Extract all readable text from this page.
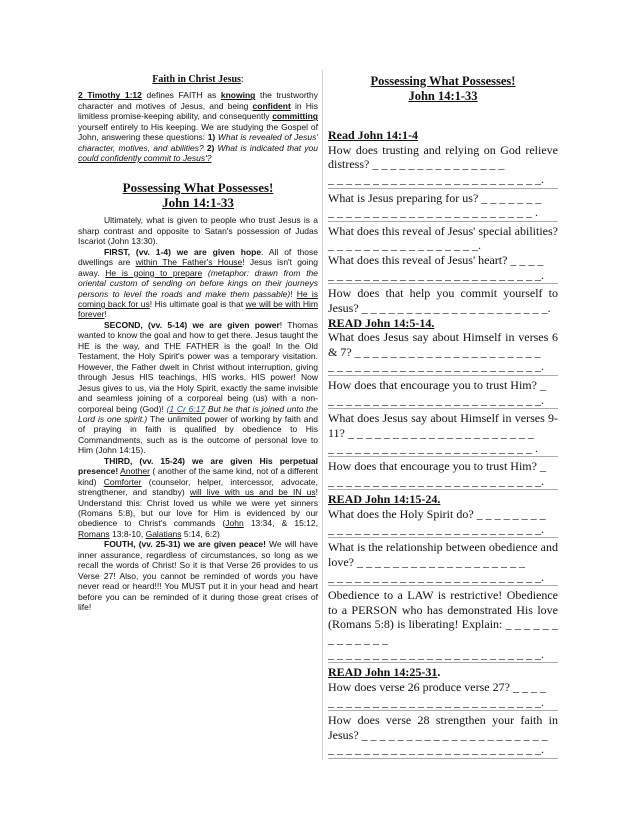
Faith in Christ Jesus:

2 Timothy 1:12 defines FAITH as knowing the trustworthy character and motives of Jesus, and being confident in His limitless promise-keeping ability, and consequently committing yourself entirely to His keeping. We are studying the Gospel of John, answering these questions: 1) What is revealed of Jesus' character, motives, and abilities? 2) What is indicated that you could confidently commit to Jesus'?

Possessing What Possesses!
John 14:1-33

Ultimately, what is given to people who trust Jesus is a sharp contrast and opposite to Satan's possession of Judas Iscariot (John 13:30).

FIRST, (vv. 1-4) we are given hope. All of those dwellings are within The Father's House! Jesus isn't going away. He is going to prepare (metaphor: drawn from the oriental custom of sending on before kings on their journeys persons to level the roads and make them passable)! He is coming back for us! His ultimate goal is that we will be with Him forever!

SECOND, (vv. 5-14) we are given power! Thomas wanted to know the goal and how to get there. Jesus taught the HE is the way, and THE FATHER is the goal! In the Old Testament, the Holy Spirit's power was a temporary visitation. However, the Father dwelt in Christ without interruption, giving through Jesus HIS teachings, HIS works, HIS power! Now Jesus gives to us, via the Holy Spirit, exactly the same invisible and seamless joining of a corporeal being (us) with a non-corporeal being (God)! (1 Cr 6:17 But he that is joined unto the Lord is one spirit.) The unlimited power of working by faith and of praying in faith is qualified by obedience to His Commandments, such as is the outcome of personal love to Him (John 14:15).

THIRD, (vv. 15-24) we are given His perpetual presence! Another ( another of the same kind, not of a different kind) Comforter (counselor, helper, intercessor, advocate, strengthener, and standby) will live with us and be IN us! Understand this: Christ loved us while we were yet sinners (Romans 5:8), but our love for Him is evidenced by our obedience to Christ's commands (John 13:34, & 15:12, Romans 13:8-10, Galatians 5:14, 6:2)

FOUTH, (vv. 25-31) we are given peace! We will have inner assurance, regardless of circumstances, so long as we recall the words of Christ! So it is that Verse 26 provides to us Verse 27! Also, you cannot be reminded of words you have never read or heard!!! You MUST put it in your head and heart before you can be reminded of it during those great crises of life!

Possessing What Possesses!
John 14:1-33

Read John 14:1-4

How does trusting and relying on God relieve distress? _ _ _ _ _ _ _ _ _ _ _ _ _ _ _

_ _ _ _ _ _ _ _ _ _ _ _ _ _ _ _ _ _ _ _ _ _ _ _.

What is Jesus preparing for us? _ _ _ _ _ _ _

_ _ _ _ _ _ _ _ _ _ _ _ _ _ _ _ _ _ _ _ _ _ _ .

What does this reveal of Jesus' special abilities? _ _ _ _ _ _ _ _ _ _ _ _ _ _ _ _ _.

What does this reveal of Jesus' heart? _ _ _ _

_ _ _ _ _ _ _ _ _ _ _ _ _ _ _ _ _ _ _ _ _ _ _ _.

How does that help you commit yourself to Jesus? _ _ _ _ _ _ _ _ _ _ _ _ _ _ _ _ _ _ _ _ _.

READ John 14:5-14.

What does Jesus say about Himself in verses 6 & 7? _ _ _ _ _ _ _ _ _ _ _ _ _ _ _ _ _ _ _ _ _

_ _ _ _ _ _ _ _ _ _ _ _ _ _ _ _ _ _ _ _ _ _ _ _.

How does that encourage you to trust Him? _

_ _ _ _ _ _ _ _ _ _ _ _ _ _ _ _ _ _ _ _ _ _ _ _.

What does Jesus say about Himself in verses 9-11? _ _ _ _ _ _ _ _ _ _ _ _ _ _ _ _ _ _ _ _ _

_ _ _ _ _ _ _ _ _ _ _ _ _ _ _ _ _ _ _ _ _ _ _ .

How does that encourage you to trust Him? _

_ _ _ _ _ _ _ _ _ _ _ _ _ _ _ _ _ _ _ _ _ _ _ _.

READ John 14:15-24.

What does the Holy Spirit do? _ _ _ _ _ _ _ _

_ _ _ _ _ _ _ _ _ _ _ _ _ _ _ _ _ _ _ _ _ _ _ _.

What is the relationship between obedience and love? _ _ _ _ _ _ _ _ _ _ _ _ _ _ _ _ _ _ _

_ _ _ _ _ _ _ _ _ _ _ _ _ _ _ _ _ _ _ _ _ _ _ _.

Obedience to a LAW is restrictive! Obedience to a PERSON who has demonstrated His love (Romans 5:8) is liberating! Explain: _ _ _ _ _ _ _ _ _ _ _ _ _

_ _ _ _ _ _ _ _ _ _ _ _ _ _ _ _ _ _ _ _ _ _ _ _.

READ John 14:25-31.

How does verse 26 produce verse 27? _ _ _ _

_ _ _ _ _ _ _ _ _ _ _ _ _ _ _ _ _ _ _ _ _ _ _ _.

How does verse 28 strengthen your faith in Jesus? _ _ _ _ _ _ _ _ _ _ _ _ _ _ _ _ _ _ _ _ _

_ _ _ _ _ _ _ _ _ _ _ _ _ _ _ _ _ _ _ _ _ _ _ _.
